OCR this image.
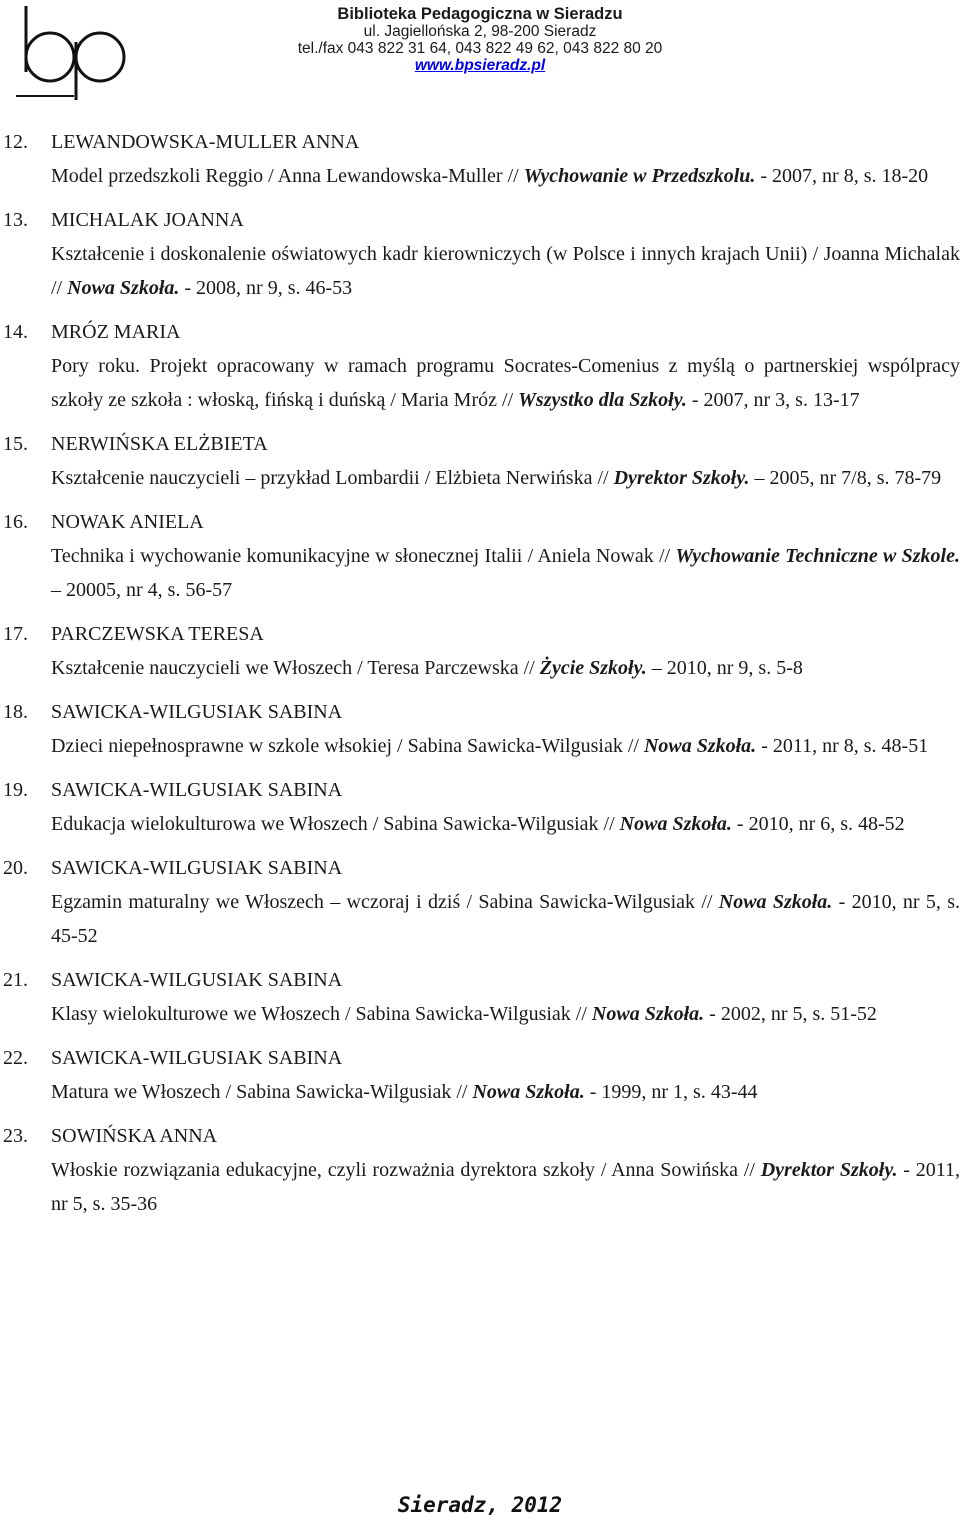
Biblioteka Pedagogiczna w Sieradzu
ul. Jagiellońska 2, 98-200 Sieradz
tel./fax 043 822 31 64, 043 822 49 62, 043 822 80 20
www.bpsieradz.pl
12. LEWANDOWSKA-MULLER ANNA
Model przedszkoli Reggio / Anna Lewandowska-Muller // Wychowanie w Przedszkolu. - 2007, nr 8, s. 18-20
13. MICHALAK JOANNA
Kształcenie i doskonalenie oświatowych kadr kierowniczych (w Polsce i innych krajach Unii) / Joanna Michalak // Nowa Szkoła. - 2008, nr 9, s. 46-53
14. MRÓZ MARIA
Pory roku. Projekt opracowany w ramach programu Socrates-Comenius z myślą o partnerskiej wspólpracy szkoły ze szkoła : włoską, fińską i duńską / Maria Mróz // Wszystko dla Szkoły. - 2007, nr 3, s. 13-17
15. NERWIŃSKA ELŻBIETA
Kształcenie nauczycieli – przykład Lombardii / Elżbieta Nerwińska // Dyrektor Szkoły. – 2005, nr 7/8, s. 78-79
16. NOWAK ANIELA
Technika i wychowanie komunikacyjne w słonecznej Italii / Aniela Nowak // Wychowanie Techniczne w Szkole. – 20005, nr 4, s. 56-57
17. PARCZEWSKA TERESA
Kształcenie nauczycieli we Włoszech / Teresa Parczewska // Życie Szkoły. – 2010, nr 9, s. 5-8
18. SAWICKA-WILGUSIAK SABINA
Dzieci niepełnosprawne w szkole włsokiej / Sabina Sawicka-Wilgusiak // Nowa Szkoła. - 2011, nr 8, s. 48-51
19. SAWICKA-WILGUSIAK SABINA
Edukacja wielokulturowa we Włoszech / Sabina Sawicka-Wilgusiak // Nowa Szkoła. - 2010, nr 6, s. 48-52
20. SAWICKA-WILGUSIAK SABINA
Egzamin maturalny we Włoszech – wczoraj i dziś / Sabina Sawicka-Wilgusiak // Nowa Szkoła. - 2010, nr 5, s. 45-52
21. SAWICKA-WILGUSIAK SABINA
Klasy wielokulturowe we Włoszech / Sabina Sawicka-Wilgusiak // Nowa Szkoła. - 2002, nr 5, s. 51-52
22. SAWICKA-WILGUSIAK SABINA
Matura we Włoszech / Sabina Sawicka-Wilgusiak // Nowa Szkoła. - 1999, nr 1, s. 43-44
23. SOWIŃSKA ANNA
Włoskie rozwiązania edukacyjne, czyli rozważnia dyrektora szkoły / Anna Sowińska // Dyrektor Szkoły. - 2011, nr 5, s. 35-36
Sieradz, 2012
